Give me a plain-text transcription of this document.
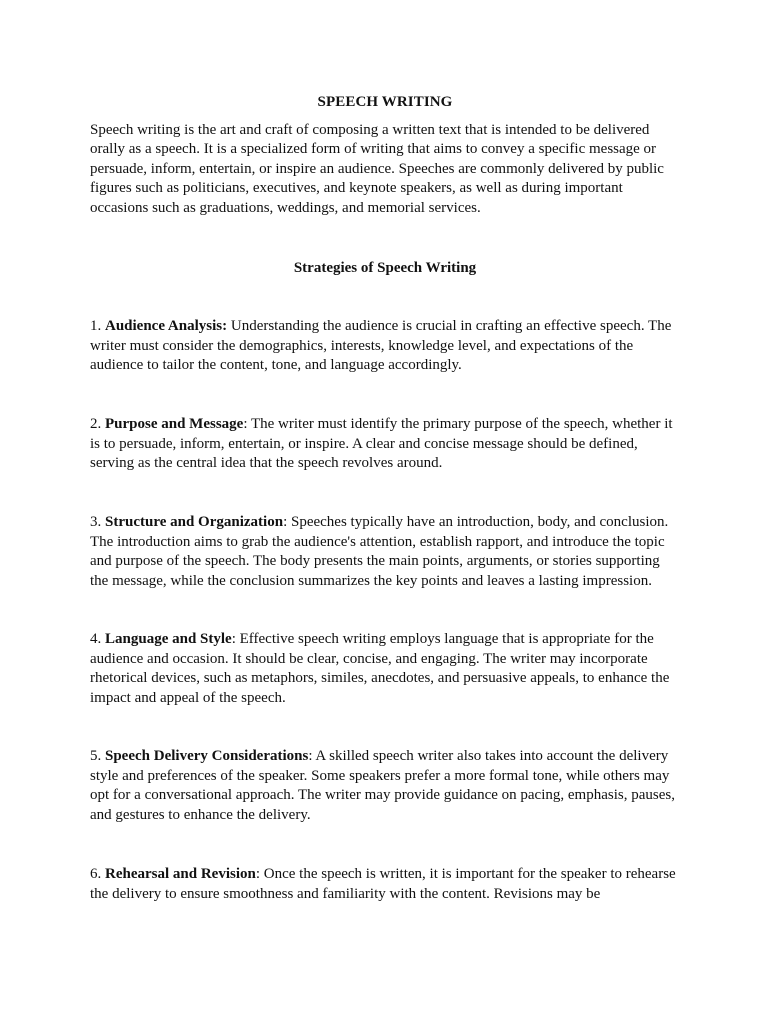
SPEECH WRITING

Speech writing is the art and craft of composing a written text that is intended to be delivered orally as a speech. It is a specialized form of writing that aims to convey a specific message or persuade, inform, entertain, or inspire an audience. Speeches are commonly delivered by public figures such as politicians, executives, and keynote speakers, as well as during important occasions such as graduations, weddings, and memorial services.

Strategies of Speech Writing

1. Audience Analysis: Understanding the audience is crucial in crafting an effective speech. The writer must consider the demographics, interests, knowledge level, and expectations of the audience to tailor the content, tone, and language accordingly.

2. Purpose and Message: The writer must identify the primary purpose of the speech, whether it is to persuade, inform, entertain, or inspire. A clear and concise message should be defined, serving as the central idea that the speech revolves around.

3. Structure and Organization: Speeches typically have an introduction, body, and conclusion. The introduction aims to grab the audience's attention, establish rapport, and introduce the topic and purpose of the speech. The body presents the main points, arguments, or stories supporting the message, while the conclusion summarizes the key points and leaves a lasting impression.

4. Language and Style: Effective speech writing employs language that is appropriate for the audience and occasion. It should be clear, concise, and engaging. The writer may incorporate rhetorical devices, such as metaphors, similes, anecdotes, and persuasive appeals, to enhance the impact and appeal of the speech.

5. Speech Delivery Considerations: A skilled speech writer also takes into account the delivery style and preferences of the speaker. Some speakers prefer a more formal tone, while others may opt for a conversational approach. The writer may provide guidance on pacing, emphasis, pauses, and gestures to enhance the delivery.

6. Rehearsal and Revision: Once the speech is written, it is important for the speaker to rehearse the delivery to ensure smoothness and familiarity with the content. Revisions may be
